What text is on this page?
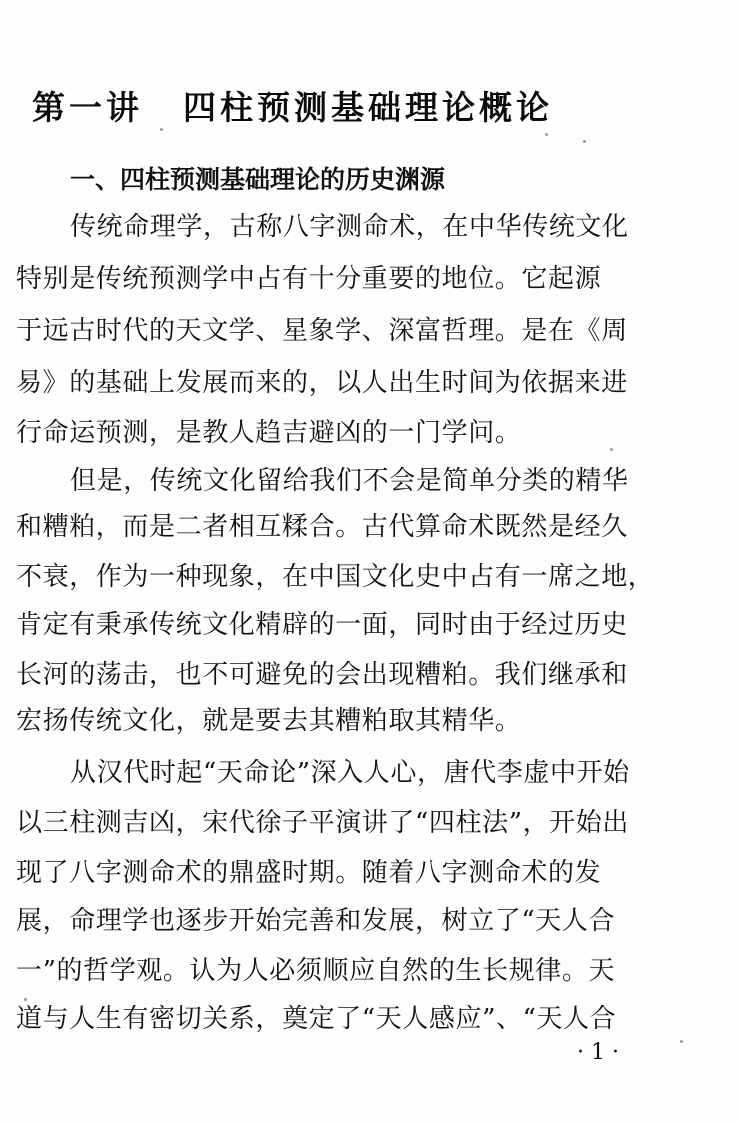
第一讲 四柱预测基础理论概论
一、四柱预测基础理论的历史渊源
传统命理学，古称八字测命术，在中华传统文化
特别是传统预测学中占有十分重要的地位。它起源
于远古时代的天文学、星象学、深富哲理。是在《周
易》的基础上发展而来的，以人出生时间为依据来进
行命运预测，是教人趋吉避凶的一门学问。
但是，传统文化留给我们不会是简单分类的精华
和糟粕，而是二者相互糅合。古代算命术既然是经久
不衰，作为一种现象，在中国文化史中占有一席之地，
肯定有秉承传统文化精辟的一面，同时由于经过历史
长河的荡击，也不可避免的会出现糟粕。我们继承和
宏扬传统文化，就是要去其糟粕取其精华。
从汉代时起“天命论”深入人心，唐代李虚中开始
以三柱测吉凶，宋代徐子平演讲了“四柱法”，开始出
现了八字测命术的鼎盛时期。随着八字测命术的发
展，命理学也逐步开始完善和发展，树立了“天人合
一”的哲学观。认为人必须顺应自然的生长规律。天
道与人生有密切关系，奠定了“天人感应”、“天人合
· 1 ·
